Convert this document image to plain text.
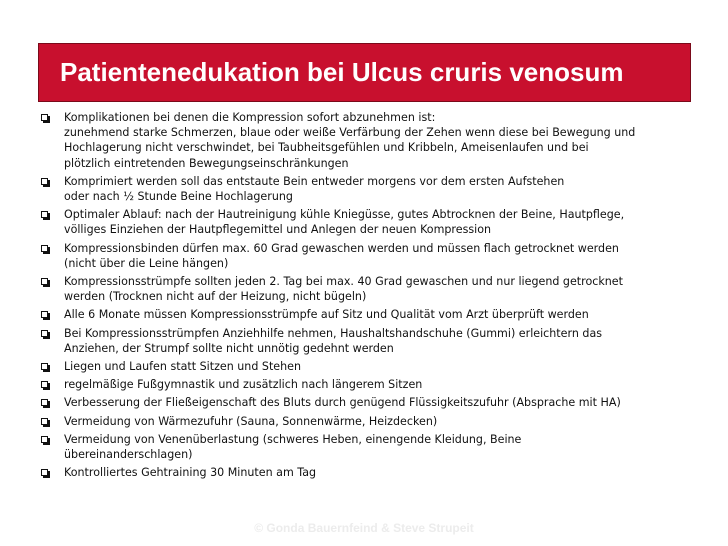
Patientenedukation bei Ulcus cruris venosum
Komplikationen bei denen die Kompression sofort abzunehmen ist:
zunehmend starke Schmerzen, blaue oder weiße Verfärbung der Zehen wenn diese bei Bewegung und
Hochlagerung nicht verschwindet, bei Taubheitsgefühlen und Kribbeln, Ameisenlaufen und bei
plötzlich eintretenden Bewegungseinschränkungen
Komprimiert werden soll das entstaute Bein entweder morgens vor dem ersten Aufstehen
oder nach ½ Stunde Beine Hochlagerung
Optimaler Ablauf: nach der Hautreinigung kühle Kniegüsse, gutes Abtrocknen der Beine, Hautpflege,
völliges Einziehen der Hautpflegemittel und Anlegen der neuen Kompression
Kompressionsbinden dürfen max. 60 Grad gewaschen werden und müssen flach getrocknet werden
(nicht über die Leine hängen)
Kompressionsstrümpfe sollten jeden 2. Tag bei max. 40 Grad gewaschen und nur liegend getrocknet
werden (Trocknen nicht auf der Heizung, nicht bügeln)
Alle 6 Monate müssen Kompressionsstrümpfe auf Sitz und Qualität vom Arzt überprüft werden
Bei Kompressionsstrümpfen Anziehhilfe nehmen, Haushaltshandschuhe (Gummi) erleichtern das
Anziehen, der Strumpf sollte nicht unnötig gedehnt werden
Liegen und Laufen statt Sitzen und Stehen
regelmäßige Fußgymnastik und zusätzlich nach längerem Sitzen
Verbesserung der Fließeigenschaft des Bluts durch genügend Flüssigkeitszufuhr (Absprache mit HA)
Vermeidung von Wärmezufuhr (Sauna, Sonnenwärme, Heizdecken)
Vermeidung von Venenüberlastung (schweres Heben, einengende Kleidung, Beine
übereinanderschlagen)
Kontrolliertes Gehtraining 30 Minuten am Tag
© Gonda Bauernfeind & Steve Strupeit
